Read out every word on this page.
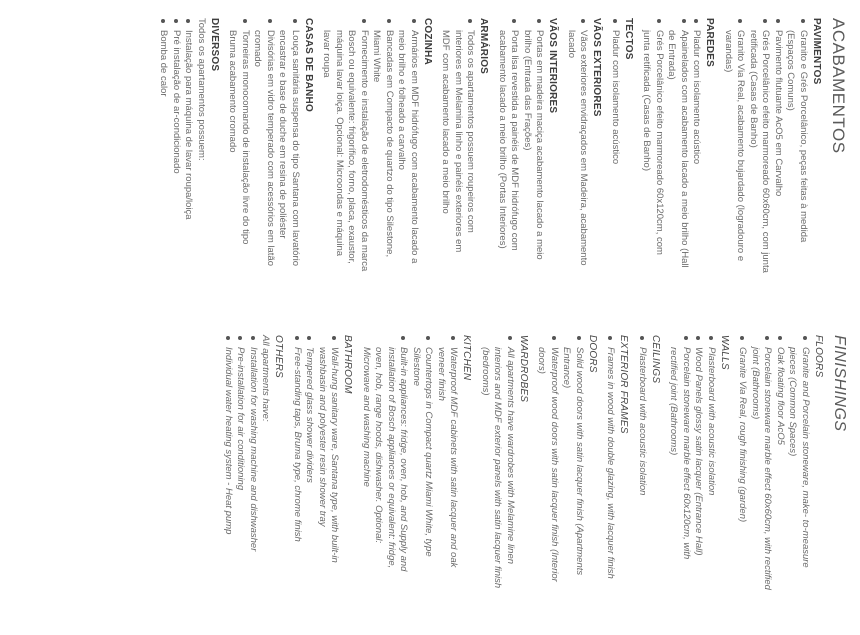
ACABAMENTOS
PAVIMENTOS
Granito e Grés Porcelânico, peças feitas à medida (Espaços Comuns)
Pavimento flutuante AcO5 em Carvalho
Grés Porcelânico efeito marmoreado 60x60cm, com junta retificada (Casas de Banho)
Granito Via Real, acabamento bujardado (logradouro e varandas)
PAREDES
Pladur com isolamento acústico
Apainelados com acabamento lacado a meio brilho (Hall de Entrada)
Grés Porcelânico efeito marmoreado 60x120cm, com junta retificada (Casas de Banho)
TECTOS
Pladur com isolamento acústico
VÃOS EXTERIORES
Vãos exteriores envidraçados em Madeira, acabamento lacado
VÃOS INTERIORES
Portas em madeira maciça acabamento lacado a meio brilho (Entrada das Frações)
Porta lisa revestida a painéis de MDF hidrófugo com acabamento lacado a meio brilho (Portas Interiores)
ARMÁRIOS
Todos os apartamentos possuem roupeiros com interiores em Melamina linho e painéis exteriores em MDF com acabamento lacado a meio brilho
COZINHA
Armários em MDF hidrófugo com acabamento lacado a meio brilho e folheado a carvalho
Bancadas em Compacto de quartzo do tipo Silestone, Miami White
Fornecimento e instalação de eletrodomésticos da marca Bosch ou equivalente: frigorífico, forno, placa, exaustor, máquina lavar loiça. Opcional: Microondas e máquina lavar roupa
CASAS DE BANHO
Louça sanitária suspensa do tipo Santana com lavatório encastrar e base de duche em resina de poliéster
Divisórias em vidro temperado com acessórios em latão cromado
Torneiras monocomando de instalação livre do tipo Bruma acabamento cromado
DIVERSOS
Todos os apartamentos possuem:
Instalação para máquina de lavar roupa/loiça
Pré instalação de ar-condicionado
Bomba de calor
FINISHINGS
FLOORS
Granite and Porcelain stoneware, make- to-measure pieces (Common Spaces)
Oak floating floor AcO5
Porcelain stoneware marble effect 60x60cm, with rectified joint (Bathrooms)
Granite Via Real, rough finishing (garden)
WALLS
Plasterboard with acoustic isolation
Wood Panels glossy satin lacquer (Entrance Hall)
Porcelain stoneware marble effect 60x120cm, with rectified joint (Bathrooms)
CEILINGS
Plasterboard with acoustic isolation
EXTERIOR FRAMES
Frames in wood with double glazing, with lacquer finish
DOORS
Solid wood doors with satin lacquer finish (Apartments Entrance)
Waterproof wood doors with satin lacquer finish (Interior doors)
WARDROBES
All apartments have wardrobes with Melamine linen interiors and MDF exterior panels with satin lacquer finish (bedrooms)
KITCHEN
Waterproof MDF cabinets with satin lacquer and oak veneer finish
Countertops in Compact quartz Miami White, type Silestone
Built-in appliances: fridge, oven, hob, and Supply and installation of Bosch appliances or equivalent: fridge, oven, hob, range hoods, dishwasher. Optional: Microwave and washing machine
BATHROOM
Wall-hung sanitary ware, Santana type, with built-in washbasin and polyester resin shower tray
Tempered glass shower dividers
Free-standing taps, Bruma type, chrome finish
OTHERS
All apartments have:
Installation for washing machine and dishwasher
Pre-installation for air conditioning
Individual water heating system - Heat pump
